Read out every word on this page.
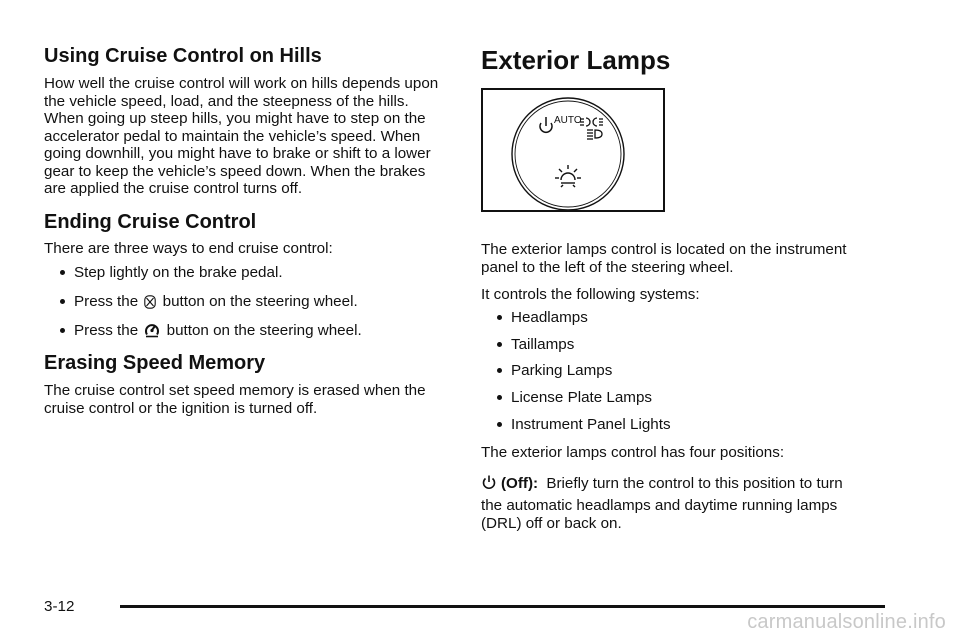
Using Cruise Control on Hills

How well the cruise control will work on hills depends upon the vehicle speed, load, and the steepness of the hills. When going up steep hills, you might have to step on the accelerator pedal to maintain the vehicle’s speed. When going downhill, you might have to brake or shift to a lower gear to keep the vehicle’s speed down. When the brakes are applied the cruise control turns off.

Ending Cruise Control

There are three ways to end cruise control:

Step lightly on the brake pedal.
Press the button on the steering wheel.
Press the button on the steering wheel.
Erasing Speed Memory

The cruise control set speed memory is erased when the cruise control or the ignition is turned off.

Exterior Lamps
AUTO

The exterior lamps control is located on the instrument panel to the left of the steering wheel.

It controls the following systems:

Headlamps
Taillamps
Parking Lamps
License Plate Lamps
Instrument Panel Lights

The exterior lamps control has four positions:

(Off): Briefly turn the control to this position to turn

the automatic headlamps and daytime running lamps (DRL) off or back on.

3-12
carmanualsonline.info
